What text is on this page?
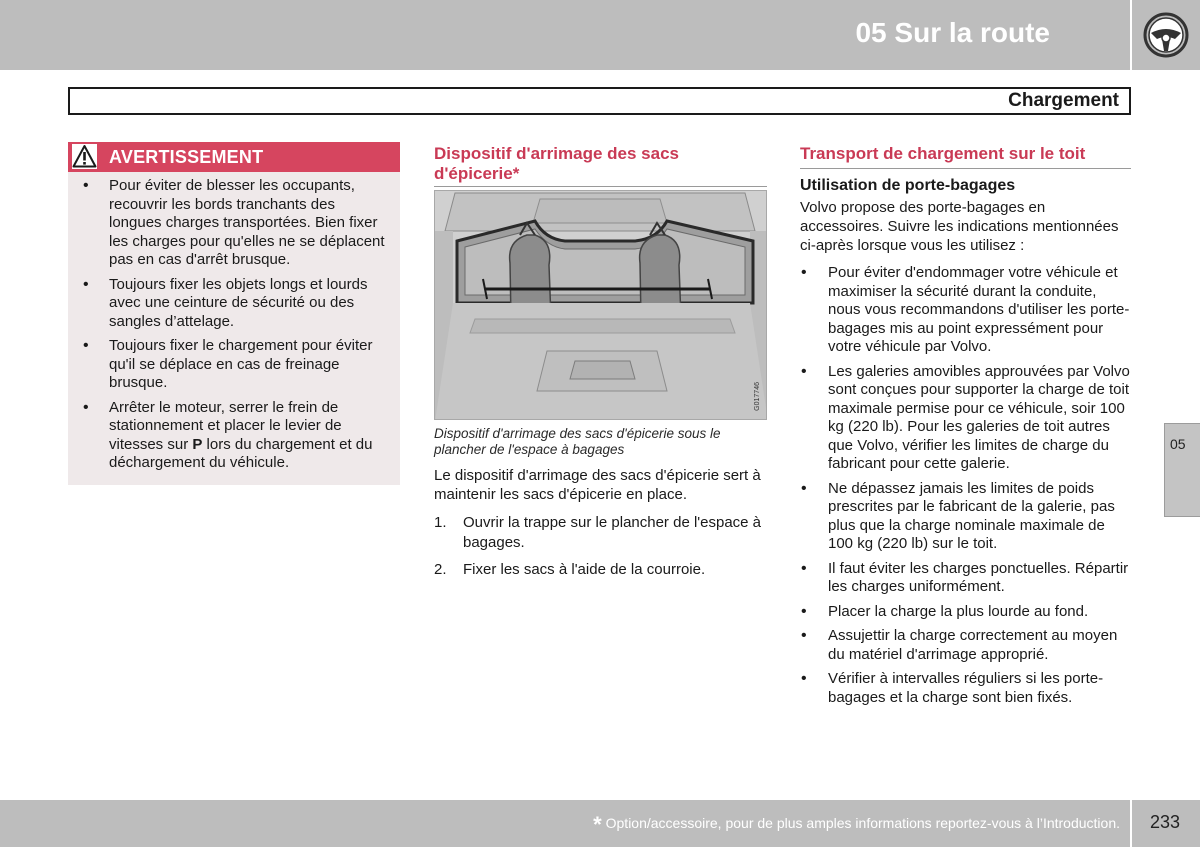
05 Sur la route
Chargement
AVERTISSEMENT
• Pour éviter de blesser les occupants, recouvrir les bords tranchants des longues charges transportées. Bien fixer les charges pour qu'elles ne se déplacent pas en cas d'arrêt brusque.
• Toujours fixer les objets longs et lourds avec une ceinture de sécurité ou des sangles d’attelage.
• Toujours fixer le chargement pour éviter qu'il se déplace en cas de freinage brusque.
• Arrêter le moteur, serrer le frein de stationnement et placer le levier de vitesses sur P lors du chargement et du déchargement du véhicule.
Dispositif d'arrimage des sacs d'épicerie*
G017746
Dispositif d'arrimage des sacs d'épicerie sous le plancher de l'espace à bagages
Le dispositif d'arrimage des sacs d'épicerie sert à maintenir les sacs d'épicerie en place.
1. Ouvrir la trappe sur le plancher de l'espace à bagages.
2. Fixer les sacs à l'aide de la courroie.
Transport de chargement sur le toit
Utilisation de porte-bagages
Volvo propose des porte-bagages en accessoires. Suivre les indications mentionnées ci-après lorsque vous les utilisez :
• Pour éviter d'endommager votre véhicule et maximiser la sécurité durant la conduite, nous vous recommandons d'utiliser les porte-bagages mis au point expressément pour votre véhicule par Volvo.
• Les galeries amovibles approuvées par Volvo sont conçues pour supporter la charge de toit maximale permise pour ce véhicule, soir 100 kg (220 lb). Pour les galeries de toit autres que Volvo, vérifier les limites de charge du fabricant pour cette galerie.
• Ne dépassez jamais les limites de poids prescrites par le fabricant de la galerie, pas plus que la charge nominale maximale de 100 kg (220 lb) sur le toit.
• Il faut éviter les charges ponctuelles. Répartir les charges uniformément.
• Placer la charge la plus lourde au fond.
• Assujettir la charge correctement au moyen du matériel d'arrimage approprié.
• Vérifier à intervalles réguliers si les porte-bagages et la charge sont bien fixés.
05
* Option/accessoire, pour de plus amples informations reportez-vous à l’Introduction. 233
